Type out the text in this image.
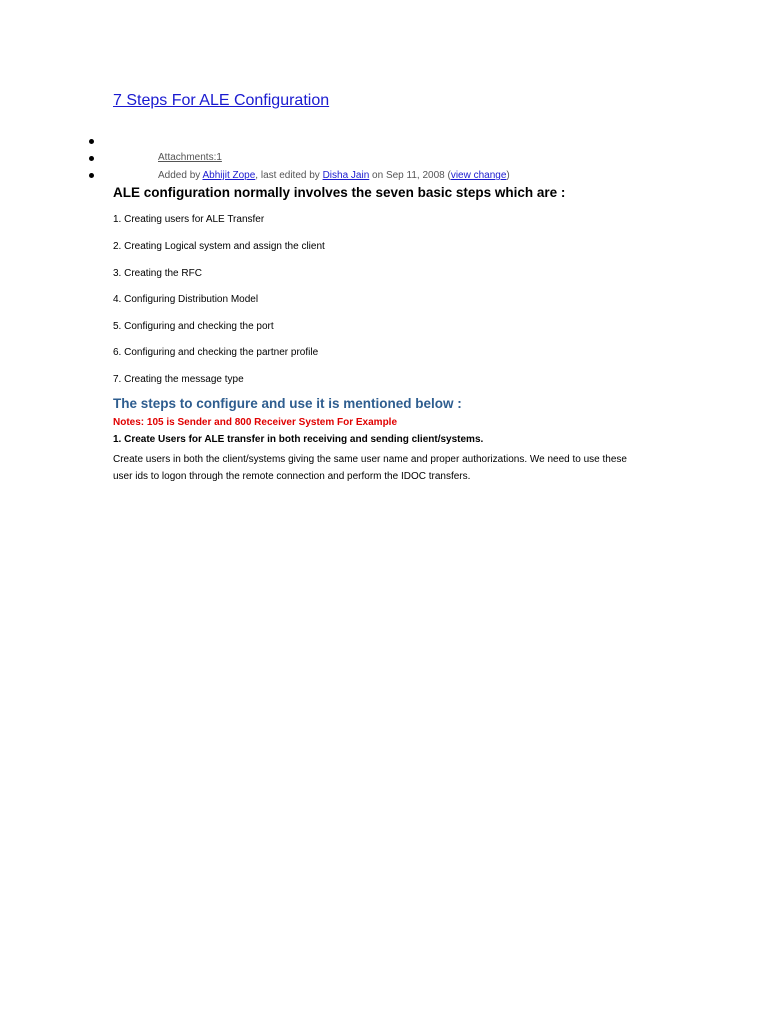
7 Steps For ALE Configuration
Attachments:1
Added by Abhijit Zope, last edited by Disha Jain on Sep 11, 2008 (view change)
ALE configuration normally involves the seven basic steps which are :
1. Creating users for ALE Transfer
2. Creating Logical system and assign the client
3. Creating the RFC
4. Configuring Distribution Model
5. Configuring and checking the port
6. Configuring and checking the partner profile
7. Creating the message type
The steps to configure and use it is mentioned below :
Notes: 105 is Sender and 800 Receiver System For Example
1. Create Users for ALE transfer in both receiving and sending client/systems.
Create users in both the client/systems giving the same user name and proper authorizations. We need to use these user ids to logon through the remote connection and perform the IDOC transfers.
